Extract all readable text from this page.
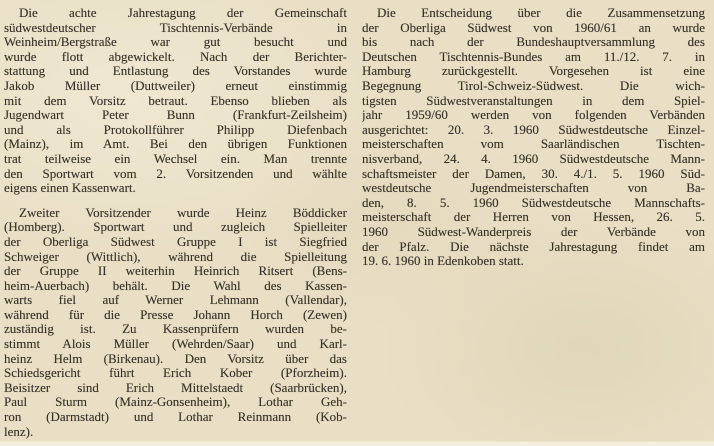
Die achte Jahrestagung der Gemeinschaft
südwestdeutscher Tischtennis-Verbände in
Weinheim/Bergstraße war gut besucht und
wurde flott abgewickelt. Nach der Berichter-
stattung und Entlastung des Vorstandes wurde
Jakob Müller (Duttweiler) erneut einstimmig
mit dem Vorsitz betraut. Ebenso blieben als
Jugendwart Peter Bunn (Frankfurt-Zeilsheim)
und als Protokollführer Philipp Diefenbach
(Mainz), im Amt. Bei den übrigen Funktionen
trat teilweise ein Wechsel ein. Man trennte
den Sportwart vom 2. Vorsitzenden und wählte
eigens einen Kassenwart.
Zweiter Vorsitzender wurde Heinz Böddicker
(Homberg). Sportwart und zugleich Spielleiter
der Oberliga Südwest Gruppe I ist Siegfried
Schweiger (Wittlich), während die Spielleitung
der Gruppe II weiterhin Heinrich Ritsert (Bens-
heim-Auerbach) behält. Die Wahl des Kassen-
warts fiel auf Werner Lehmann (Vallendar),
während für die Presse Johann Horch (Zewen)
zuständig ist. Zu Kassenprüfern wurden be-
stimmt Alois Müller (Wehrden/Saar) und Karl-
heinz Helm (Birkenau). Den Vorsitz über das
Schiedsgericht führt Erich Kober (Pforzheim).
Beisitzer sind Erich Mittelstaedt (Saarbrücken),
Paul Sturm (Mainz-Gonsenheim), Lothar Geh-
ron (Darmstadt) und Lothar Reinmann (Kob-
lenz).
Die Entscheidung über die Zusammensetzung
der Oberliga Südwest von 1960/61 an wurde
bis nach der Bundeshauptversammlung des
Deutschen Tischtennis-Bundes am 11./12. 7. in
Hamburg zurückgestellt. Vorgesehen ist eine
Begegnung Tirol-Schweiz-Südwest. Die wich-
tigsten Südwestveranstaltungen in dem Spiel-
jahr 1959/60 werden von folgenden Verbänden
ausgerichtet: 20. 3. 1960 Südwestdeutsche Einzel-
meisterschaften vom Saarländischen Tischten-
nisverband, 24. 4. 1960 Südwestdeutsche Mann-
schaftsmeister der Damen, 30. 4./1. 5. 1960 Süd-
westdeutsche Jugendmeisterschaften von Ba-
den, 8. 5. 1960 Südwestdeutsche Mannschafts-
meisterschaft der Herren von Hessen, 26. 5.
1960 Südwest-Wanderpreis der Verbände von
der Pfalz. Die nächste Jahrestagung findet am
19. 6. 1960 in Edenkoben statt.
